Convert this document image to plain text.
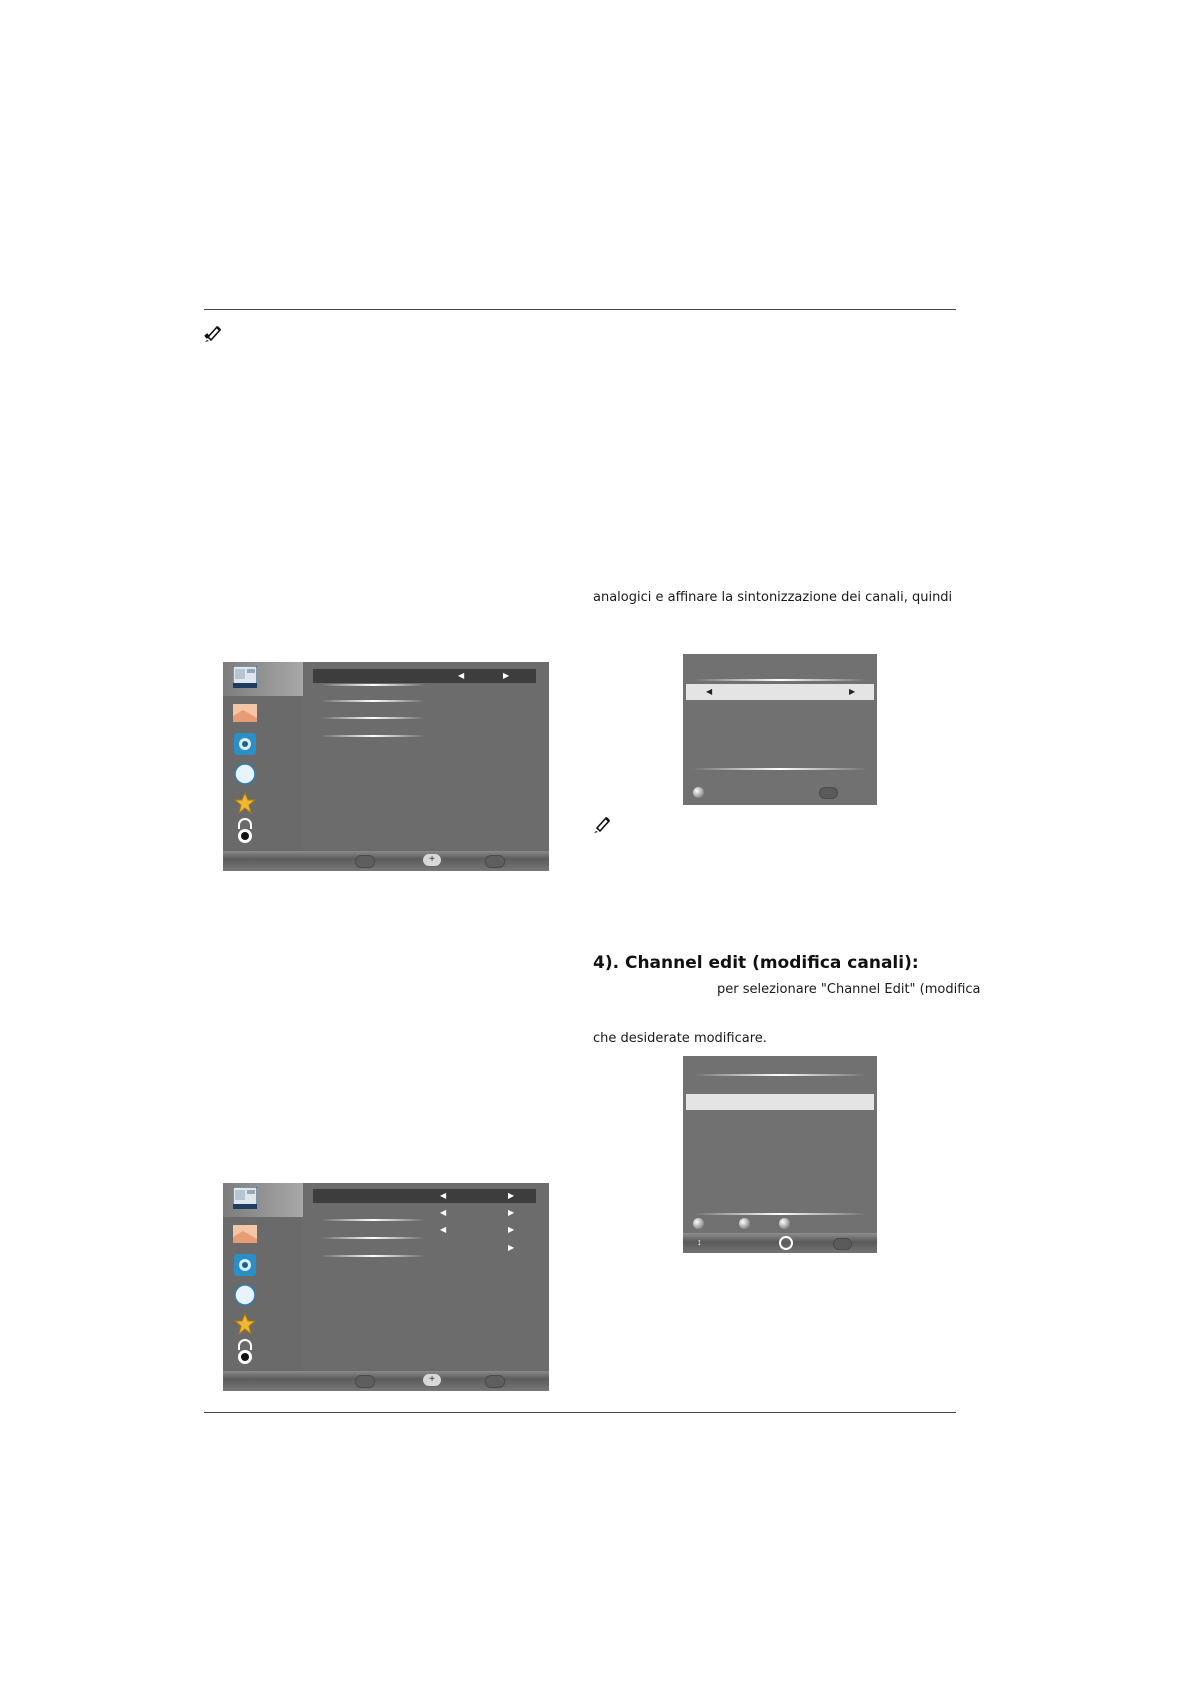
analogici e affinare la sintonizzazione dei canali, quindi
◀	▶
4). Channel edit (modifica canali):
per selezionare "Channel Edit" (modifica
che desiderate modificare.
↕
◀	▶
+
◀	▶
◀	▶
◀	▶
▶
+
